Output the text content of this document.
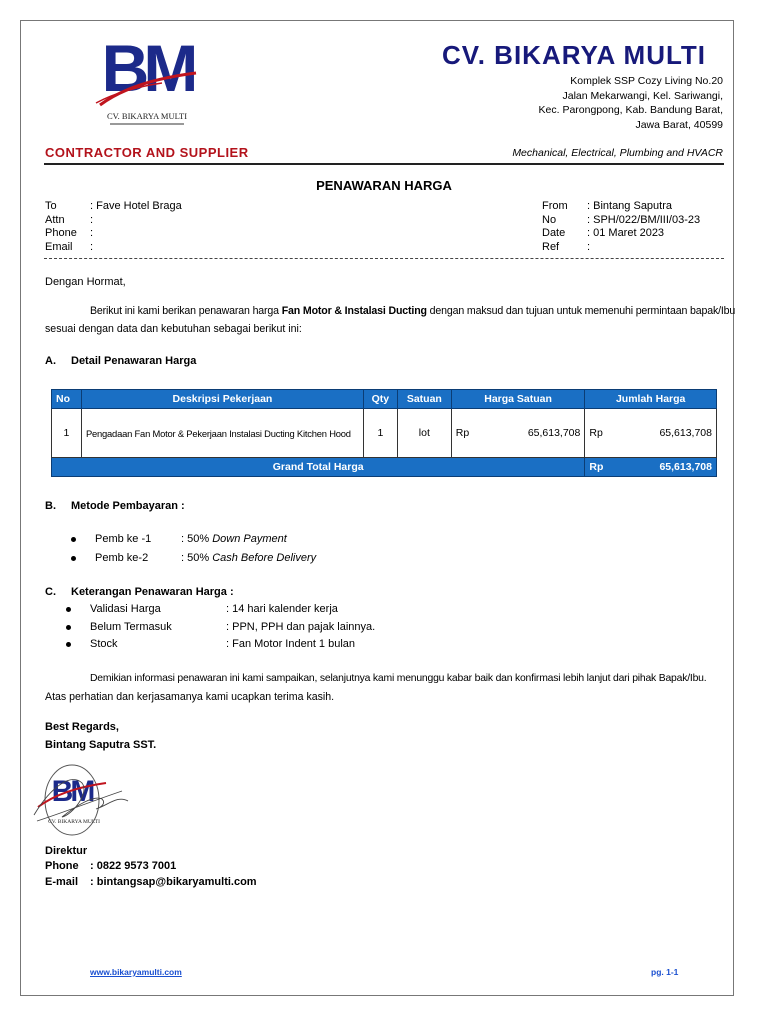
BM
CV. BIKARYA MULTI
CV. BIKARYA MULTI
Komplek SSP Cozy Living No.20
Jalan Mekarwangi, Kel. Sariwangi,
Kec. Parongpong, Kab. Bandung Barat,
Jawa Barat, 40599
CONTRACTOR AND SUPPLIER	Mechanical, Electrical, Plumbing and HVACR
PENAWARAN HARGA
To	: Fave Hotel Braga
Attn :
Phone :
Email :
From : Bintang Saputra
No	: SPH/022/BM/III/03-23
Date : 01 Maret 2023
Ref	:
Dengan Hormat,
Berikut ini kami berikan penawaran harga Fan Motor & Instalasi Ducting dengan maksud dan tujuan untuk memenuhi permintaan bapak/Ibu
sesuai dengan data dan kebutuhan sebagai berikut ini:
A. Detail Penawaran Harga
No	Deskripsi Pekerjaan	Qty	Satuan	Harga Satuan	Jumlah Harga
1	Pengadaan Fan Motor & Pekerjaan Instalasi Ducting Kitchen Hood	1	lot	Rp 65,613,708	Rp 65,613,708

Grand Total Harga					Rp 65,613,708
B. Metode Pembayaran :
Pemb ke -1	: 50% Down Payment
Pemb ke-2	: 50% Cash Before Delivery
C. Keterangan Penawaran Harga :
Validasi Harga	: 14 hari kalender kerja
Belum Termasuk	: PPN, PPH dan pajak lainnya.
Stock	: Fan Motor Indent 1 bulan
Demikian informasi penawaran ini kami sampaikan, selanjutnya kami menunggu kabar baik dan konfirmasi lebih lanjut dari pihak Bapak/Ibu.
Atas perhatian dan kerjasamanya kami ucapkan terima kasih.
Best Regards,
Bintang Saputra SST.
BM
CV. BIKARYA MULTI
Direktur
Phone : 0822 9573 7001
E-mail : bintangsap@bikaryamulti.com
www.bikaryamulti.com	pg. 1-1
